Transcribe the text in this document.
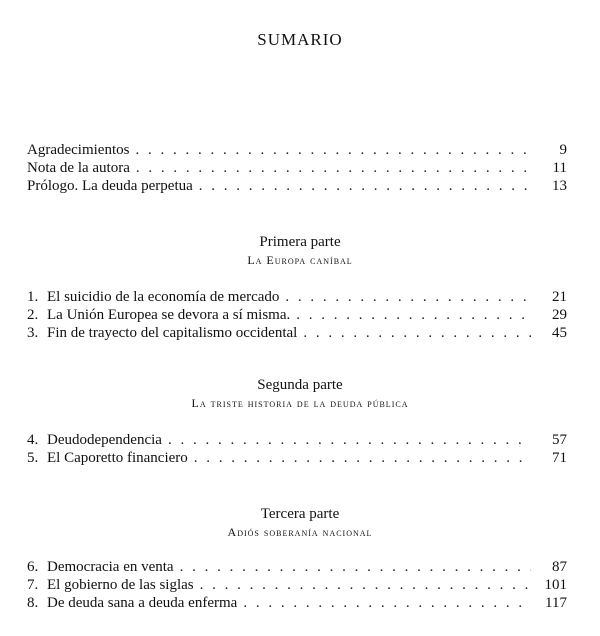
SUMARIO
Agradecimientos . . .	9
Nota de la autora . . .	11
Prólogo. La deuda perpetua . . .	13
Primera parte
La Europa caníbal
1. El suicidio de la economía de mercado . . .	21
2. La Unión Europea se devora a sí misma. . . .	29
3. Fin de trayecto del capitalismo occidental . . .	45
Segunda parte
La triste historia de la deuda pública
4. Deudodependencia . . .	57
5. El Caporetto financiero . . .	71
Tercera parte
Adiós soberanía nacional
6. Democracia en venta . . .	87
7. El gobierno de las siglas . . .	101
8. De deuda sana a deuda enferma . . .	117
